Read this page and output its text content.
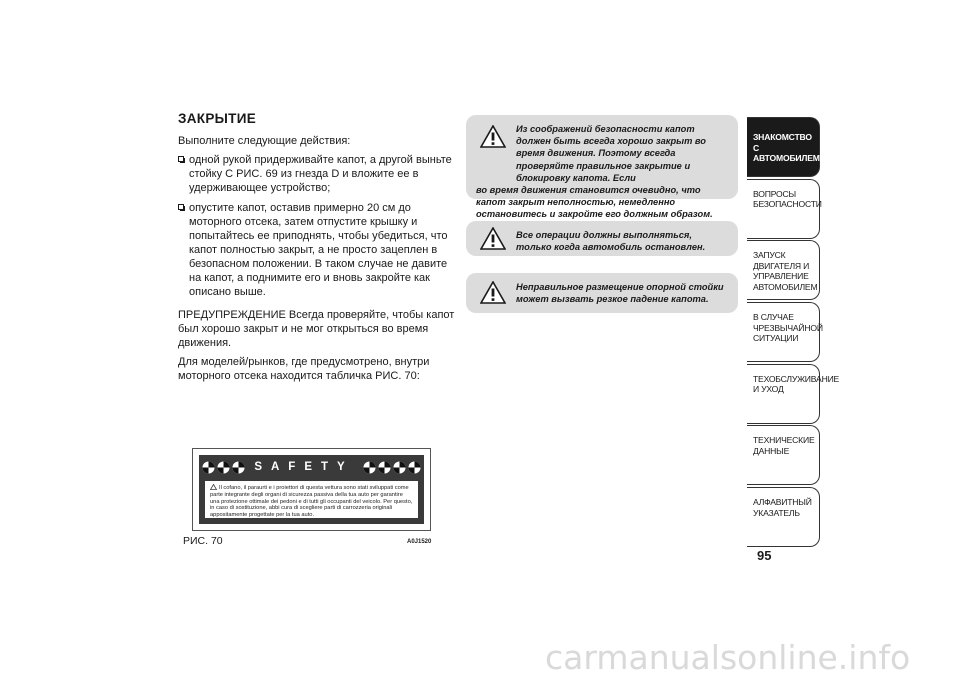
ЗАКРЫТИЕ
Выполните следующие действия:
одной рукой придерживайте капот, а другой выньте стойку С РИС. 69 из гнезда D и вложите ее в удерживающее устройство;
опустите капот, оставив примерно 20 см до моторного отсека, затем отпустите крышку и попытайтесь ее приподнять, чтобы убедиться, что капот полностью закрыт, а не просто зацеплен в безопасном положении. В таком случае не давите на капот, а поднимите его и вновь закройте как описано выше.
ПРЕДУПРЕЖДЕНИЕ Всегда проверяйте, чтобы капот был хорошо закрыт и не мог открыться во время движения.
Для моделей/рынков, где предусмотрено, внутри моторного отсека находится табличка РИС. 70:
Из соображений безопасности капот должен быть всегда хорошо закрыт во время движения. Поэтому всегда проверяйте правильное закрытие и блокировку капота. Если
во время движения становится очевидно, что капот закрыт неполностью, немедленно остановитесь и закройте его должным образом.
Все операции должны выполняться, только когда автомобиль остановлен.
Неправильное размещение опорной стойки может вызвать резкое падение капота.
SAFETY
Il cofano, il paraurti e i proiettori di questa vettura sono stati sviluppati come parte integrante degli organi di sicurezza passiva della tua auto per garantire una protezione ottimale dei pedoni e di tutti gli occupanti del veicolo. Per questo, in caso di sostituzione, abbi cura di scegliere parti di carrozzeria originali appositamente progettate per la tua auto.
РИС. 70	A0J1520
ЗНАКОМСТВО С АВТОМОБИЛЕМ
ВОПРОСЫ БЕЗОПАСНОСТИ
ЗАПУСК ДВИГАТЕЛЯ И УПРАВЛЕНИЕ АВТОМОБИЛЕМ
В СЛУЧАЕ ЧРЕЗВЫЧАЙНОЙ СИТУАЦИИ
ТЕХОБСЛУЖИВАНИЕ И УХОД
ТЕХНИЧЕСКИЕ ДАННЫЕ
АЛФАВИТНЫЙ УКАЗАТЕЛЬ
95
carmanualsonline.info
